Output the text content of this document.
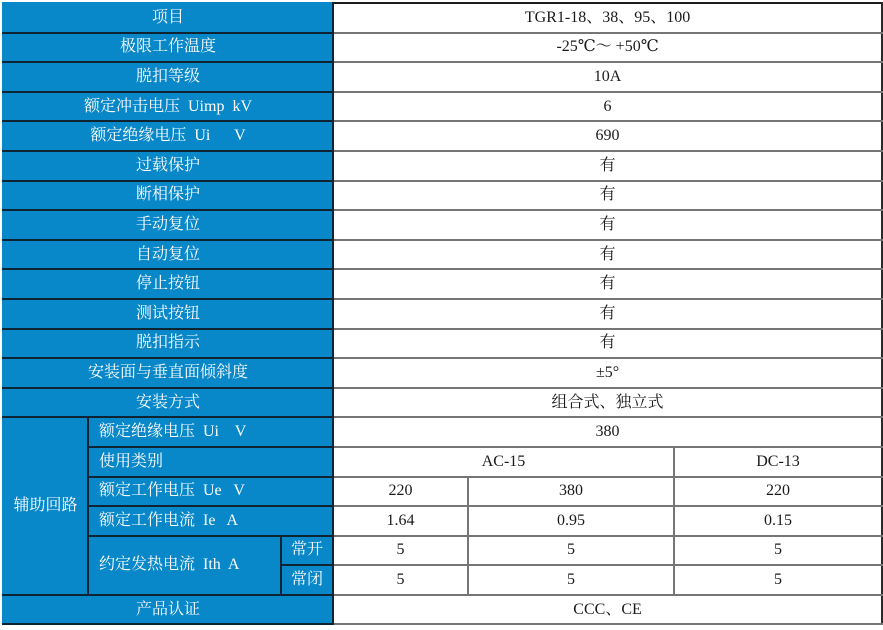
项目			TGR1-18、38、95、100		
极限工作温度			-25℃～ +50℃		
脱扣等级			10A		
额定冲击电压  Uimp  kV			6		
额定绝缘电压  Ui      V			690		
过载保护			有		
断相保护			有		
手动复位			有		
自动复位			有		
停止按钮			有		
测试按钮			有		
脱扣指示			有		
安装面与垂直面倾斜度			±5°		
安装方式			组合式、独立式		
辅助回路	额定绝缘电压  Ui    V		380		
	使用类别		AC-15		DC-13
	额定工作电压  Ue   V		220	380	220
	额定工作电流  Ie   A		1.64	0.95	0.15
	约定发热电流  Ith  A	常开	5	5	5
		常闭	5	5	5
产品认证			CCC、CE		
